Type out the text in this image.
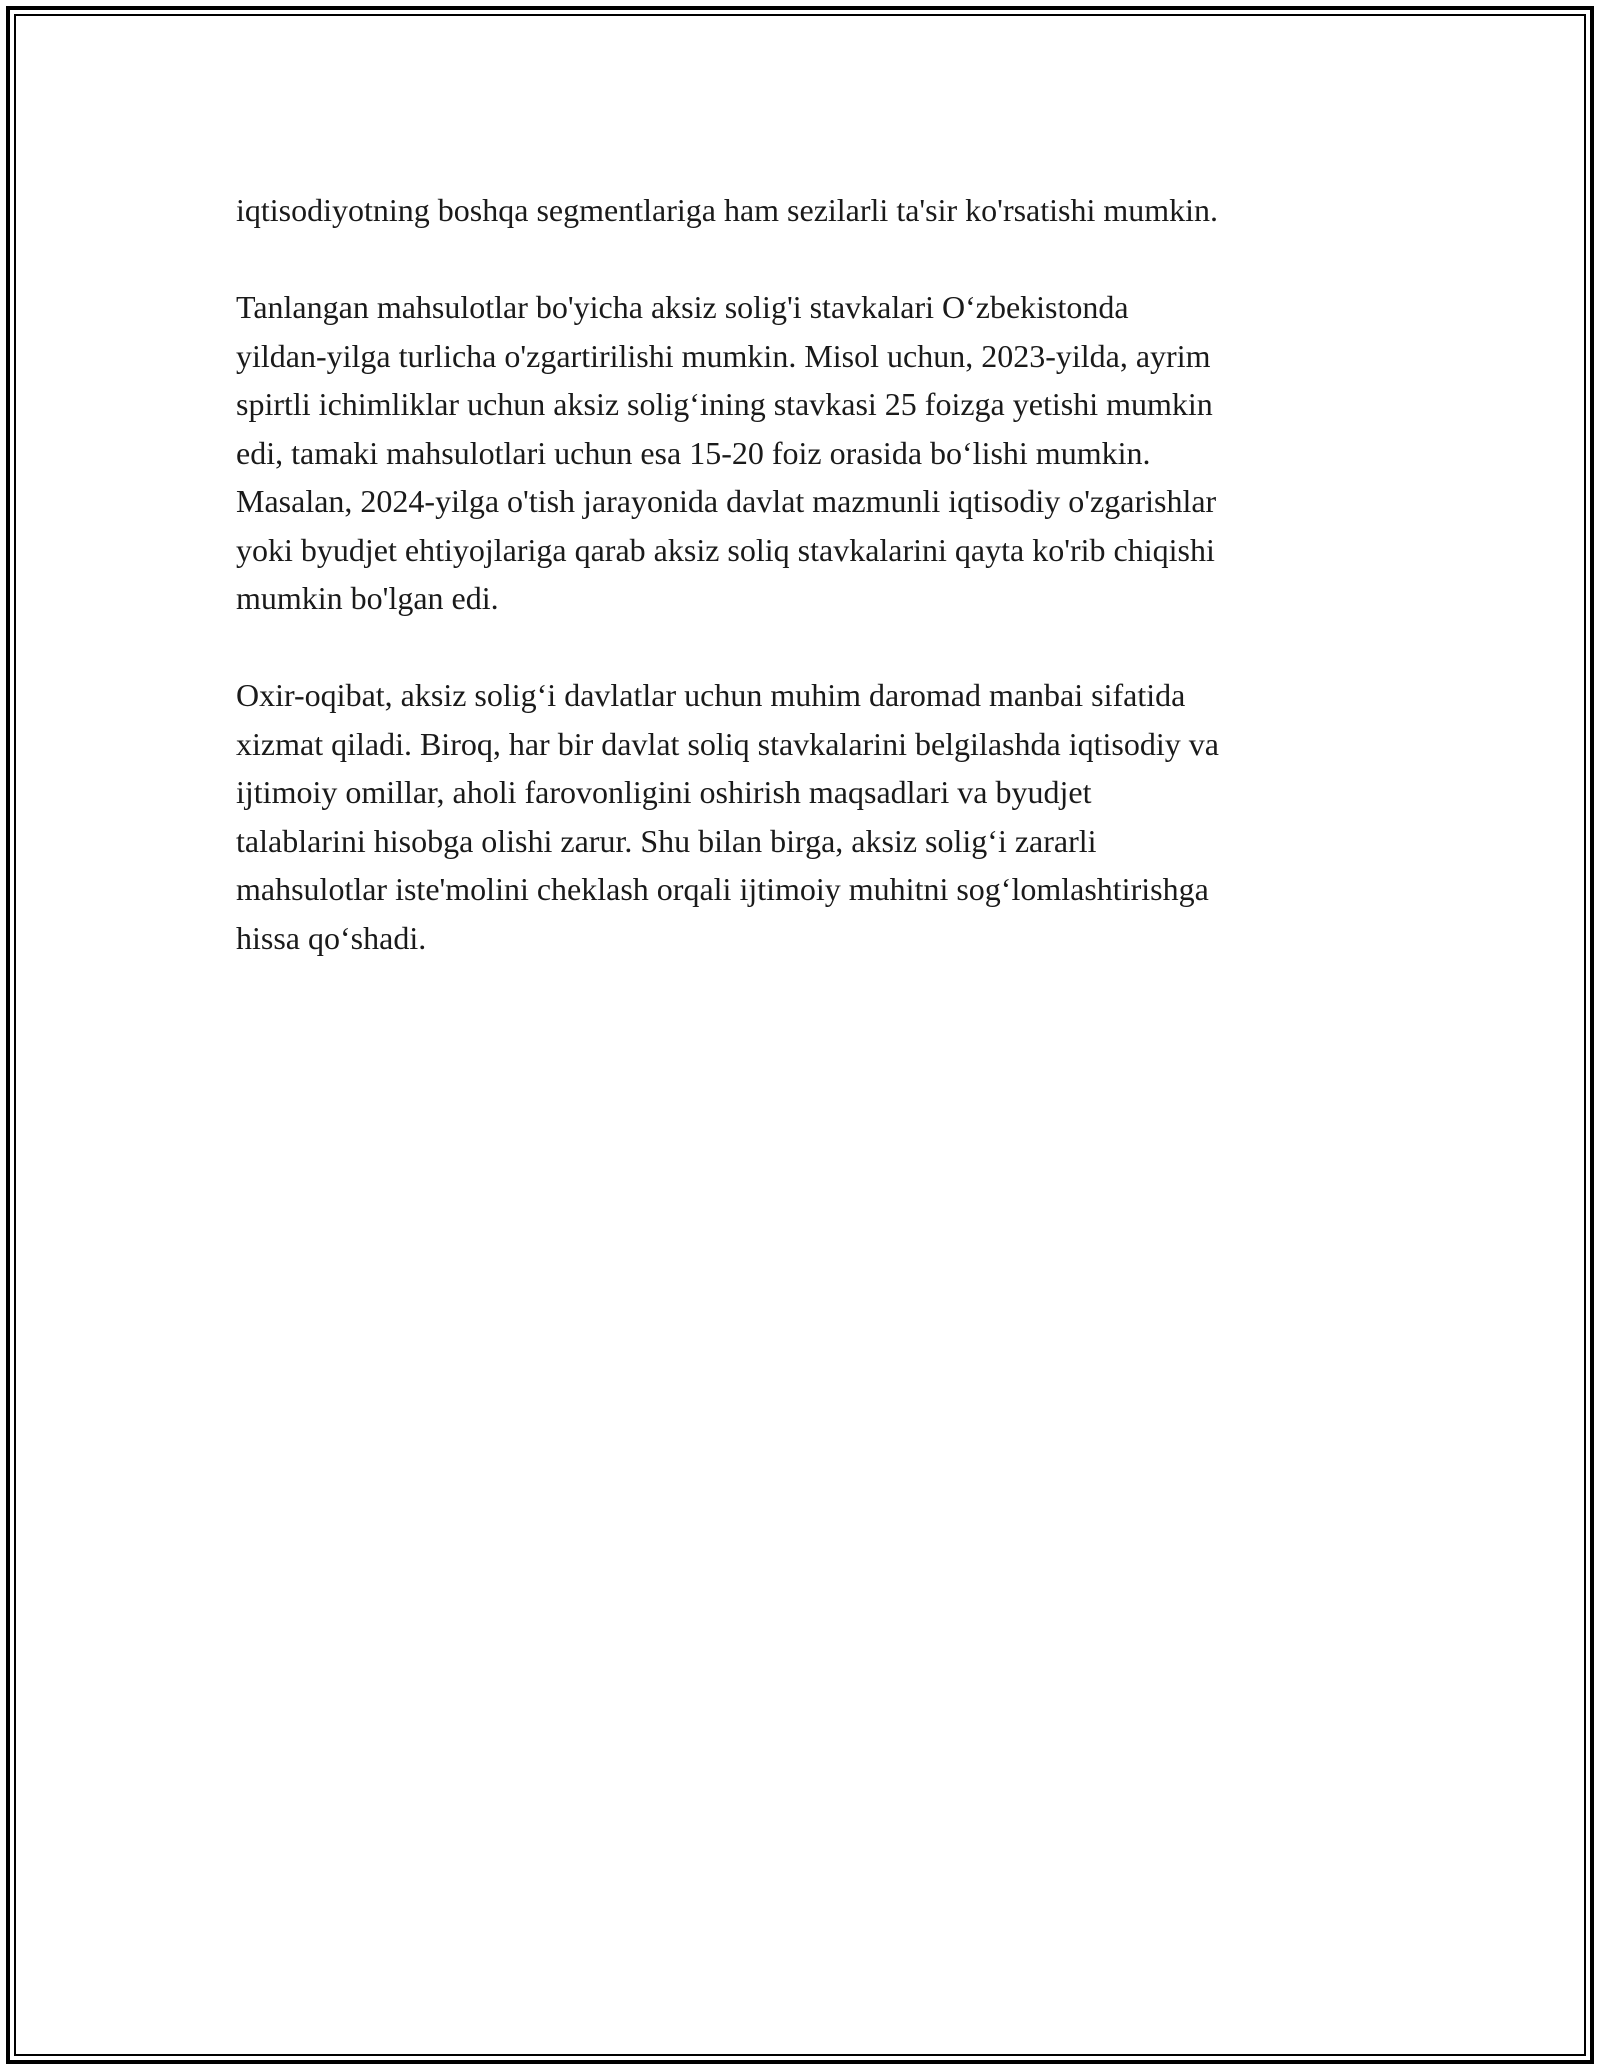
iqtisodiyotning boshqa segmentlariga ham sezilarli ta'sir ko'rsatishi mumkin.

Tanlangan mahsulotlar bo'yicha aksiz solig'i stavkalari O‘zbekistonda
yildan-yilga turlicha o'zgartirilishi mumkin. Misol uchun, 2023-yilda, ayrim
spirtli ichimliklar uchun aksiz solig‘ining stavkasi 25 foizga yetishi mumkin
edi, tamaki mahsulotlari uchun esa 15-20 foiz orasida bo‘lishi mumkin.
Masalan, 2024-yilga o'tish jarayonida davlat mazmunli iqtisodiy o'zgarishlar
yoki byudjet ehtiyojlariga qarab aksiz soliq stavkalarini qayta ko'rib chiqishi
mumkin bo'lgan edi.

Oxir-oqibat, aksiz solig‘i davlatlar uchun muhim daromad manbai sifatida
xizmat qiladi. Biroq, har bir davlat soliq stavkalarini belgilashda iqtisodiy va
ijtimoiy omillar, aholi farovonligini oshirish maqsadlari va byudjet
talablarini hisobga olishi zarur. Shu bilan birga, aksiz solig‘i zararli
mahsulotlar iste'molini cheklash orqali ijtimoiy muhitni sog‘lomlashtirishga
hissa qo‘shadi.
